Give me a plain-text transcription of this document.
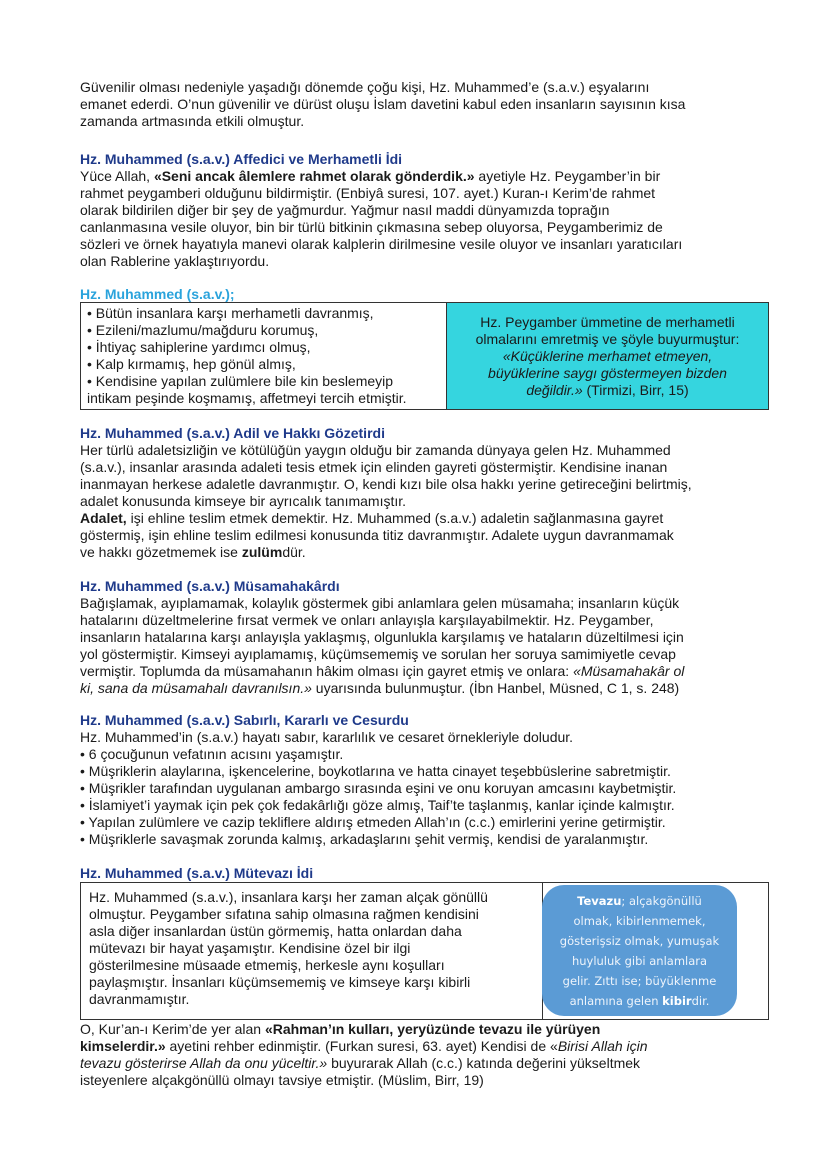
Güvenilir olması nedeniyle yaşadığı dönemde çoğu kişi, Hz. Muhammed’e (s.a.v.) eşyalarını
emanet ederdi. O’nun güvenilir ve dürüst oluşu İslam davetini kabul eden insanların sayısının kısa
zamanda artmasında etkili olmuştur.
Hz. Muhammed (s.a.v.) Affedici ve Merhametli İdi
Yüce Allah, «Seni ancak âlemlere rahmet olarak gönderdik.» ayetiyle Hz. Peygamber’in bir
rahmet peygamberi olduğunu bildirmiştir. (Enbiyâ suresi, 107. ayet.) Kuran-ı Kerim’de rahmet
olarak bildirilen diğer bir şey de yağmurdur. Yağmur nasıl maddi dünyamızda toprağın
canlanmasına vesile oluyor, bin bir türlü bitkinin çıkmasına sebep oluyorsa, Peygamberimiz de
sözleri ve örnek hayatıyla manevi olarak kalplerin dirilmesine vesile oluyor ve insanları yaratıcıları
olan Rablerine yaklaştırıyordu.
Hz. Muhammed (s.a.v.);
• Bütün insanlara karşı merhametli davranmış,
• Ezileni/mazlumu/mağduru korumuş,
• İhtiyaç sahiplerine yardımcı olmuş,
• Kalp kırmamış, hep gönül almış,
• Kendisine yapılan zulümlere bile kin beslemeyip
intikam peşinde koşmamış, affetmeyi tercih etmiştir.
Hz. Peygamber ümmetine de merhametli
olmalarını emretmiş ve şöyle buyurmuştur:
«Küçüklerine merhamet etmeyen,
büyüklerine saygı göstermeyen bizden
değildir.» (Tirmizi, Birr, 15)
Hz. Muhammed (s.a.v.) Adil ve Hakkı Gözetirdi
Her türlü adaletsizliğin ve kötülüğün yaygın olduğu bir zamanda dünyaya gelen Hz. Muhammed
(s.a.v.), insanlar arasında adaleti tesis etmek için elinden gayreti göstermiştir. Kendisine inanan
inanmayan herkese adaletle davranmıştır. O, kendi kızı bile olsa hakkı yerine getireceğini belirtmiş,
adalet konusunda kimseye bir ayrıcalık tanımamıştır.
Adalet, işi ehline teslim etmek demektir. Hz. Muhammed (s.a.v.) adaletin sağlanmasına gayret
göstermiş, işin ehline teslim edilmesi konusunda titiz davranmıştır. Adalete uygun davranmamak
ve hakkı gözetmemek ise zulümdür.
Hz. Muhammed (s.a.v.) Müsamahakârdı
Bağışlamak, ayıplamamak, kolaylık göstermek gibi anlamlara gelen müsamaha; insanların küçük
hatalarını düzeltmelerine fırsat vermek ve onları anlayışla karşılayabilmektir. Hz. Peygamber,
insanların hatalarına karşı anlayışla yaklaşmış, olgunlukla karşılamış ve hataların düzeltilmesi için
yol göstermiştir. Kimseyi ayıplamamış, küçümsememiş ve sorulan her soruya samimiyetle cevap
vermiştir. Toplumda da müsamahanın hâkim olması için gayret etmiş ve onlara: «Müsamahakâr ol
ki, sana da müsamahalı davranılsın.» uyarısında bulunmuştur. (İbn Hanbel, Müsned, C 1, s. 248)
Hz. Muhammed (s.a.v.) Sabırlı, Kararlı ve Cesurdu
Hz. Muhammed’in (s.a.v.) hayatı sabır, kararlılık ve cesaret örnekleriyle doludur.
• 6 çocuğunun vefatının acısını yaşamıştır.
• Müşriklerin alaylarına, işkencelerine, boykotlarına ve hatta cinayet teşebbüslerine sabretmiştir.
• Müşrikler tarafından uygulanan ambargo sırasında eşini ve onu koruyan amcasını kaybetmiştir.
• İslamiyet’i yaymak için pek çok fedakârlığı göze almış, Taif’te taşlanmış, kanlar içinde kalmıştır.
• Yapılan zulümlere ve cazip tekliflere aldırış etmeden Allah’ın (c.c.) emirlerini yerine getirmiştir.
• Müşriklerle savaşmak zorunda kalmış, arkadaşlarını şehit vermiş, kendisi de yaralanmıştır.
Hz. Muhammed (s.a.v.) Mütevazı İdi
Hz. Muhammed (s.a.v.), insanlara karşı her zaman alçak gönüllü
olmuştur. Peygamber sıfatına sahip olmasına rağmen kendisini
asla diğer insanlardan üstün görmemiş, hatta onlardan daha
mütevazı bir hayat yaşamıştır. Kendisine özel bir ilgi
gösterilmesine müsaade etmemiş, herkesle aynı koşulları
paylaşmıştır. İnsanları küçümsememiş ve kimseye karşı kibirli
davranmamıştır.
Tevazu; alçakgönüllü
olmak, kibirlenmemek,
gösterişsiz olmak, yumuşak
huyluluk gibi anlamlara
gelir. Zıttı ise; büyüklenme
anlamına gelen kibirdir.
O, Kur’an-ı Kerim’de yer alan «Rahman’ın kulları, yeryüzünde tevazu ile yürüyen
kimselerdir.» ayetini rehber edinmiştir. (Furkan suresi, 63. ayet) Kendisi de «Birisi Allah için
tevazu gösterirse Allah da onu yüceltir.» buyurarak Allah (c.c.) katında değerini yükseltmek
isteyenlere alçakgönüllü olmayı tavsiye etmiştir. (Müslim, Birr, 19)
